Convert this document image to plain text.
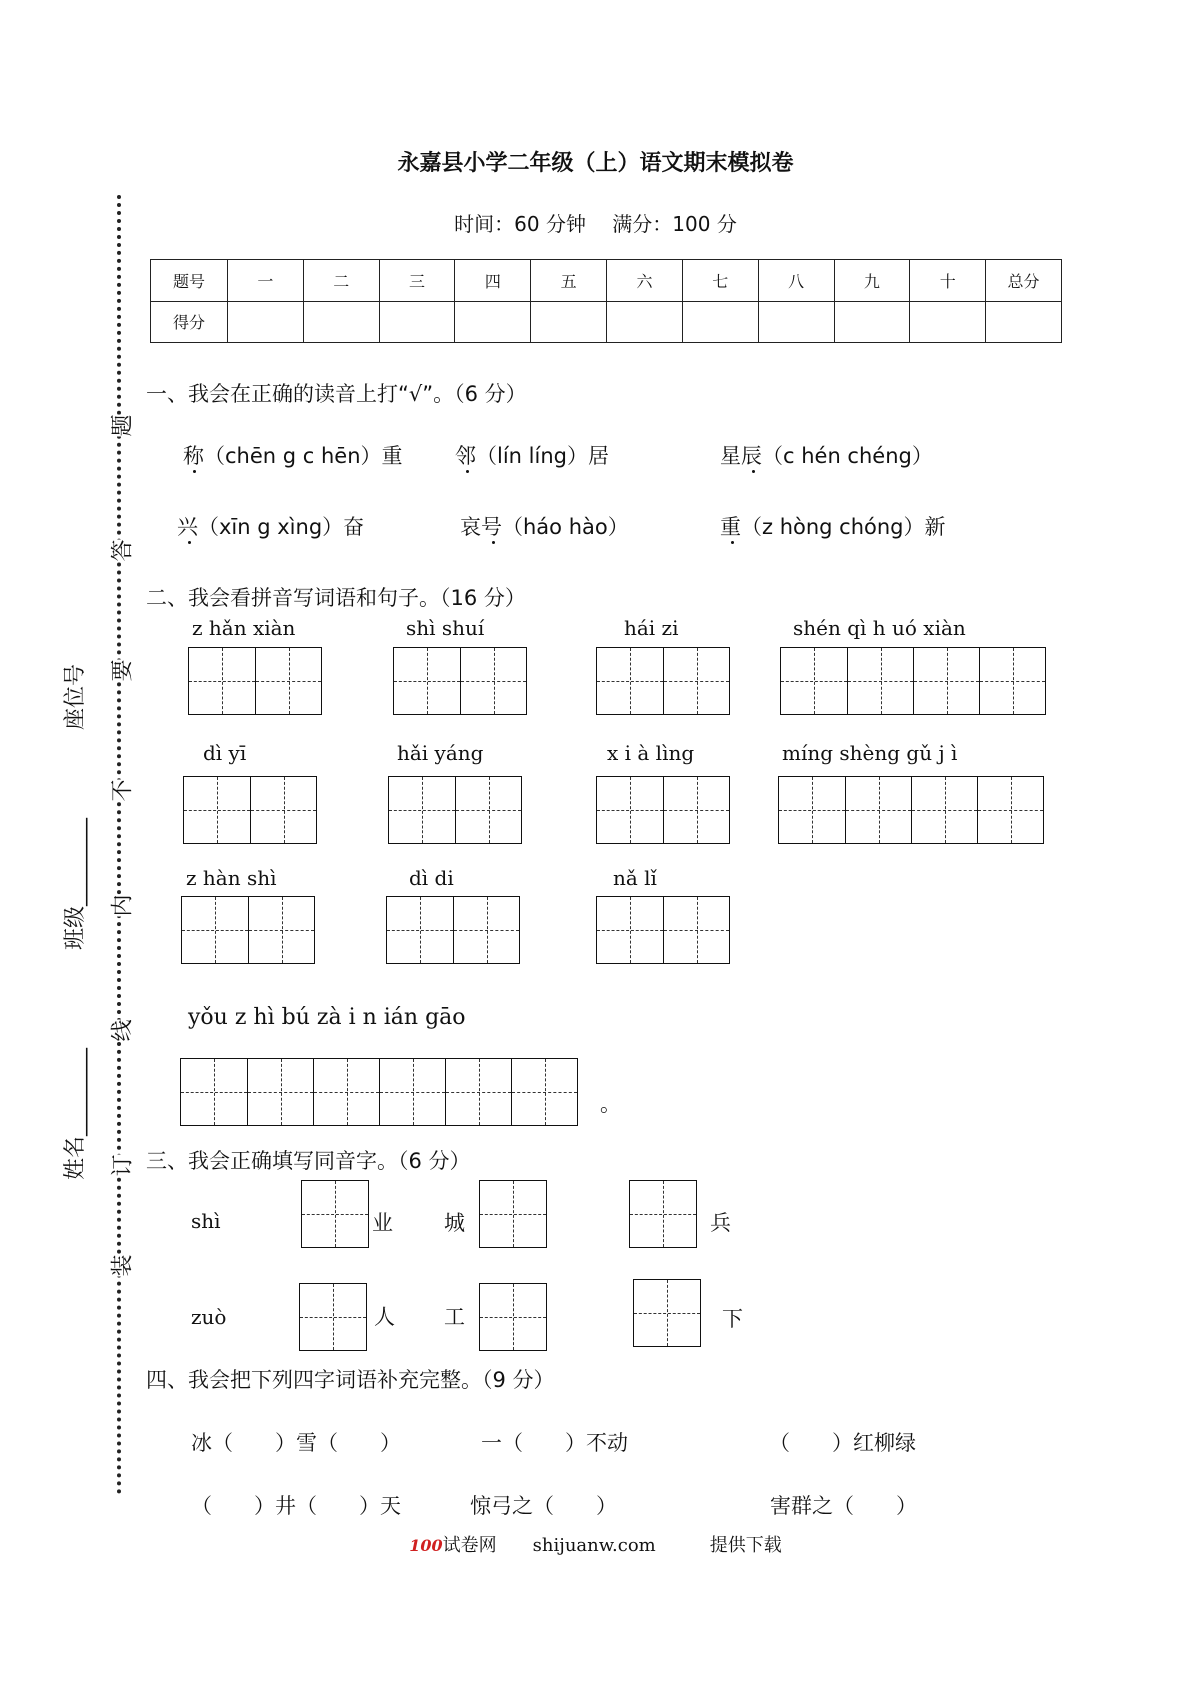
永嘉县小学二年级（上）语文期末模拟卷
时间：60 分钟　 满分：100 分
题号	一	二	三	四	五	六	七	八	九	十	总分
得分											
装
订
线
内
不
要
答
题
姓名________
班级________
座位号
一、我会在正确的读音上打“√”。（6 分）
称（chēn g c hēn）重 邻（lín líng）居	星辰（c hén chéng）
兴（xīn g xìng）奋	哀号（háo hào）	重（z hòng chóng）新
二、我会看拼音写词语和句子。（16 分）
z hǎn xiàn	shì shuí	hái zi	shén qì h uó xiàn
dì yī	hǎi yáng	x i à lìng	míng shèng gǔ j ì
z hàn shì	dì di	nǎ lǐ
yǒu z hì bú zà i n ián gāo
。
三、我会正确填写同音字。（6 分）
shì	业 城	兵
zuò	人 工	下
四、我会把下列四字词语补充完整。（9 分）
冰（　　）雪（　　）	一（　　）不动	（　　）红柳绿
（　　）井（　　）天	惊弓之（　　）	害群之（　　）
100试卷网　　shijuanw.com　　　提供下载
